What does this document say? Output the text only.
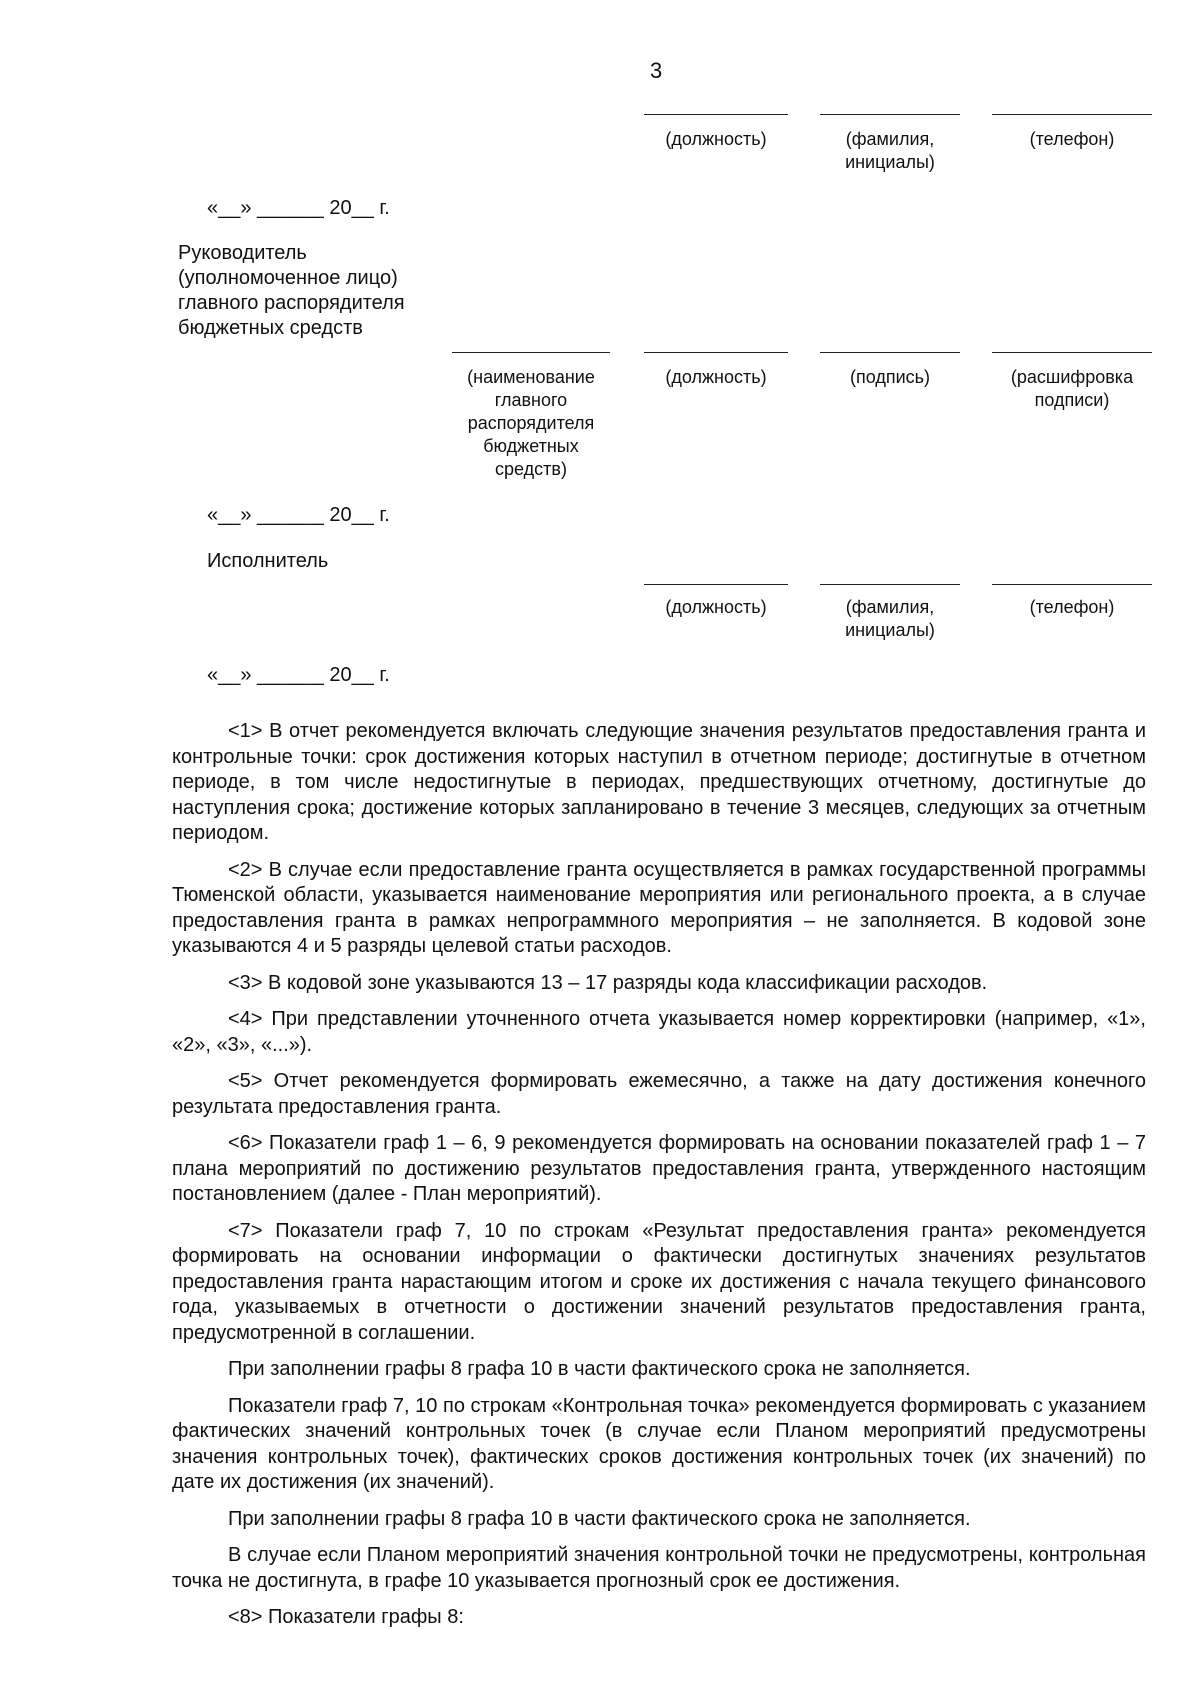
3
(должность)	(фамилия,
инициалы)
(телефон)
«__» ______ 20__ г.
Руководитель (уполномоченное лицо) главного распорядителя бюджетных средств
(наименование главного распорядителя бюджетных средств)
(должность)	(подпись)	(расшифровка подписи)
«__» ______ 20__ г.
Исполнитель
(должность)	(фамилия,
инициалы)
(телефон)
«__» ______ 20__ г.

<1> В отчет рекомендуется включать следующие значения результатов предоставления гранта и контрольные точки: срок достижения которых наступил в отчетном периоде; достигнутые в отчетном периоде, в том числе недостигнутые в периодах, предшествующих отчетному, достигнутые до наступления срока; достижение которых запланировано в течение 3 месяцев, следующих за отчетным периодом.

<2> В случае если предоставление гранта осуществляется в рамках государственной программы Тюменской области, указывается наименование мероприятия или регионального проекта, а в случае предоставления гранта в рамках непрограммного мероприятия – не заполняется. В кодовой зоне указываются 4 и 5 разряды целевой статьи расходов.

<3> В кодовой зоне указываются 13 – 17 разряды кода классификации расходов.

<4> При представлении уточненного отчета указывается номер корректировки (например, «1», «2», «3», «...»).

<5> Отчет рекомендуется формировать ежемесячно, а также на дату достижения конечного результата предоставления гранта.

<6> Показатели граф 1 – 6, 9 рекомендуется формировать на основании показателей граф 1 – 7 плана мероприятий по достижению результатов предоставления гранта, утвержденного настоящим постановлением (далее - План мероприятий).

<7> Показатели граф 7, 10 по строкам «Результат предоставления гранта» рекомендуется формировать на основании информации о фактически достигнутых значениях результатов предоставления гранта нарастающим итогом и сроке их достижения с начала текущего финансового года, указываемых в отчетности о достижении значений результатов предоставления гранта, предусмотренной в соглашении.

При заполнении графы 8 графа 10 в части фактического срока не заполняется.

Показатели граф 7, 10 по строкам «Контрольная точка» рекомендуется формировать с указанием фактических значений контрольных точек (в случае если Планом мероприятий предусмотрены значения контрольных точек), фактических сроков достижения контрольных точек (их значений) по дате их достижения (их значений).

При заполнении графы 8 графа 10 в части фактического срока не заполняется.

В случае если Планом мероприятий значения контрольной точки не предусмотрены, контрольная точка не достигнута, в графе 10 указывается прогнозный срок ее достижения.

<8> Показатели графы 8:
